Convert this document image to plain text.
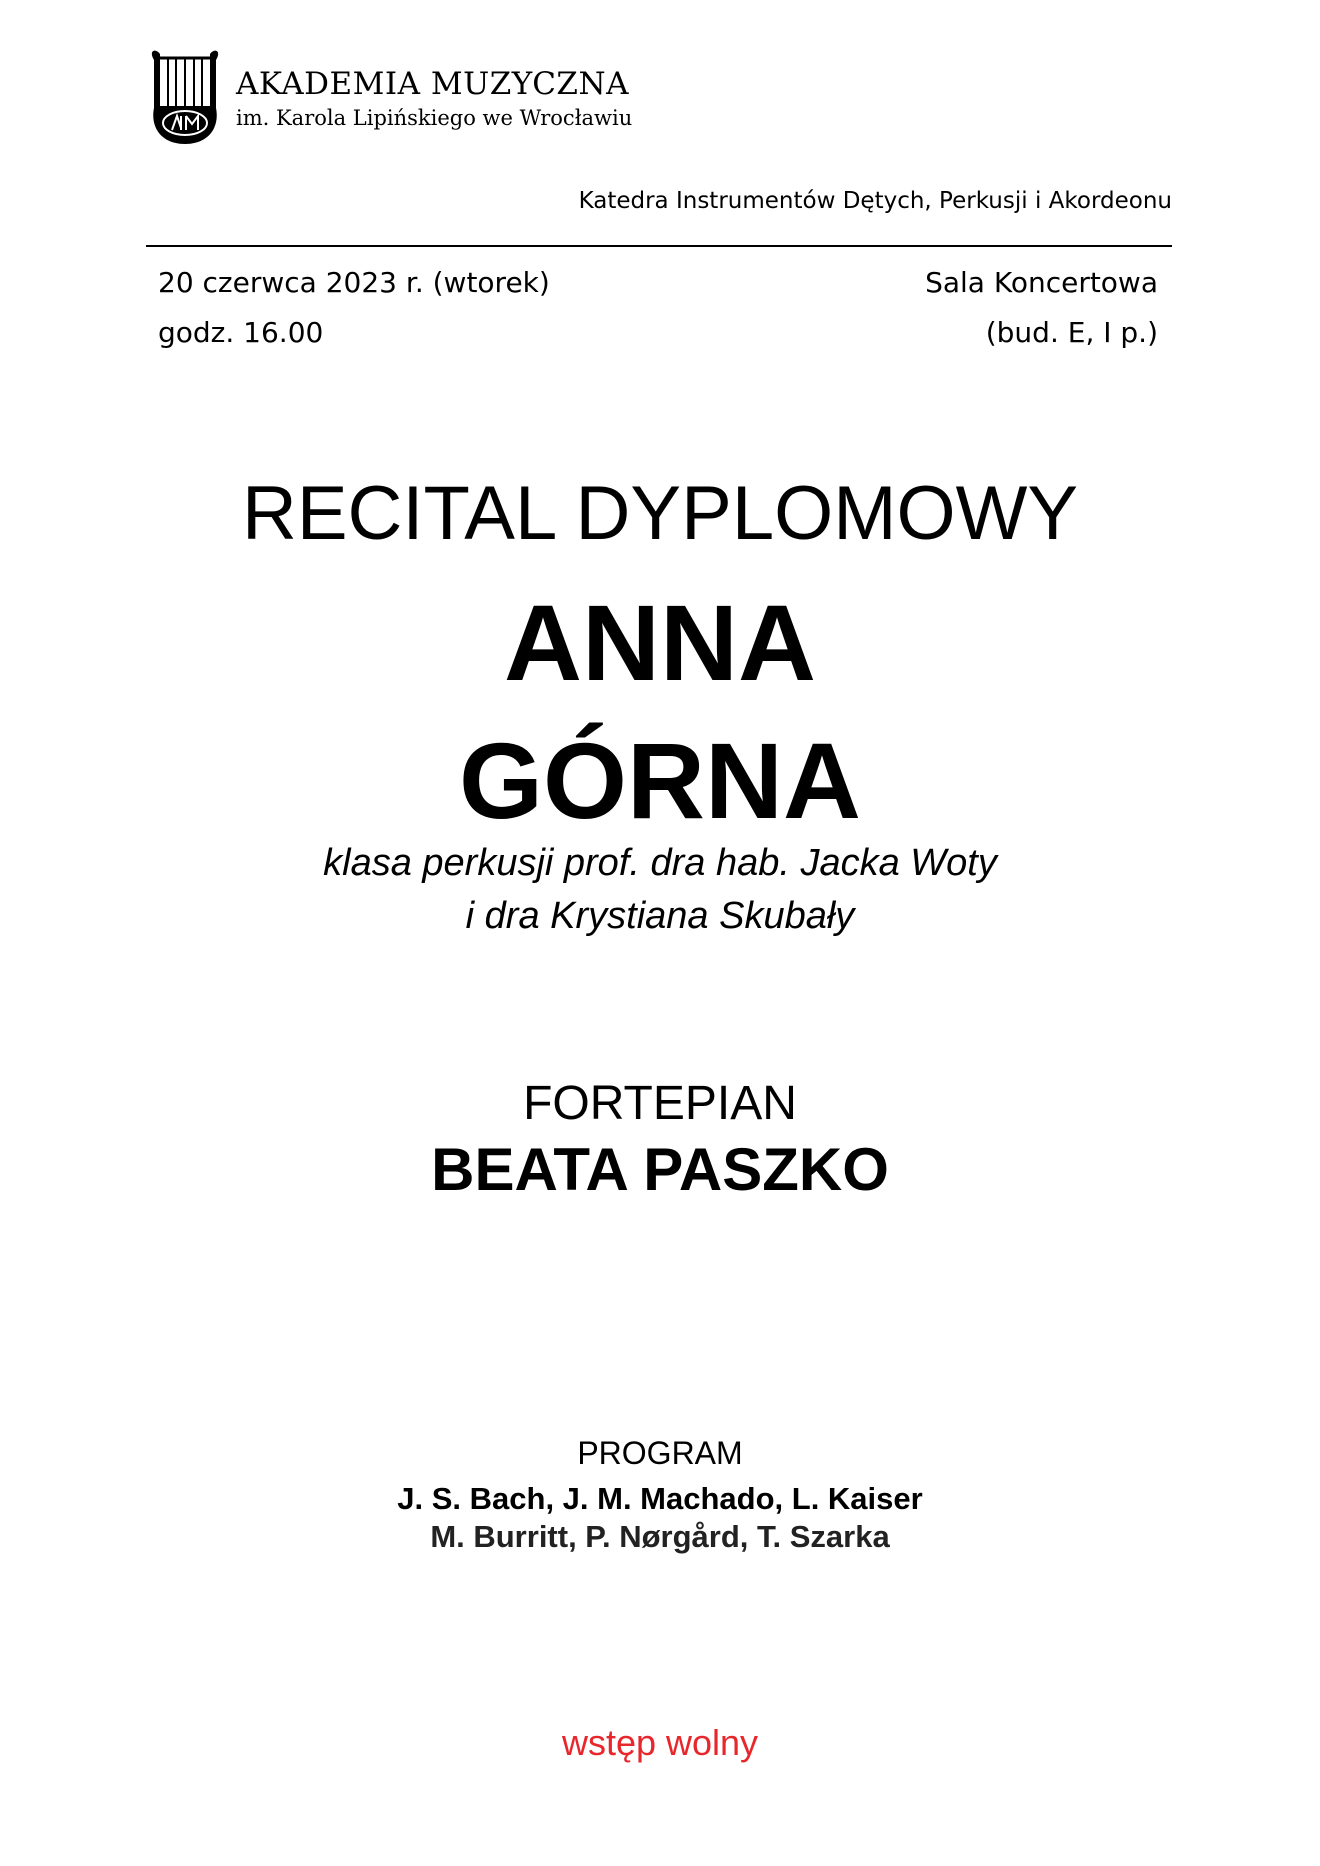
AKADEMIA MUZYCZNA
im. Karola Lipińskiego we Wrocławiu
Katedra Instrumentów Dętych, Perkusji i Akordeonu
20 czerwca 2023 r. (wtorek)
godz. 16.00
Sala Koncertowa
(bud. E, I p.)
RECITAL DYPLOMOWY
ANNA
GÓRNA
klasa perkusji prof. dra hab. Jacka Woty
i dra Krystiana Skubały
FORTEPIAN
BEATA PASZKO
PROGRAM
J. S. Bach, J. M. Machado, L. Kaiser
M. Burritt, P. Nørgård, T. Szarka
wstęp wolny
